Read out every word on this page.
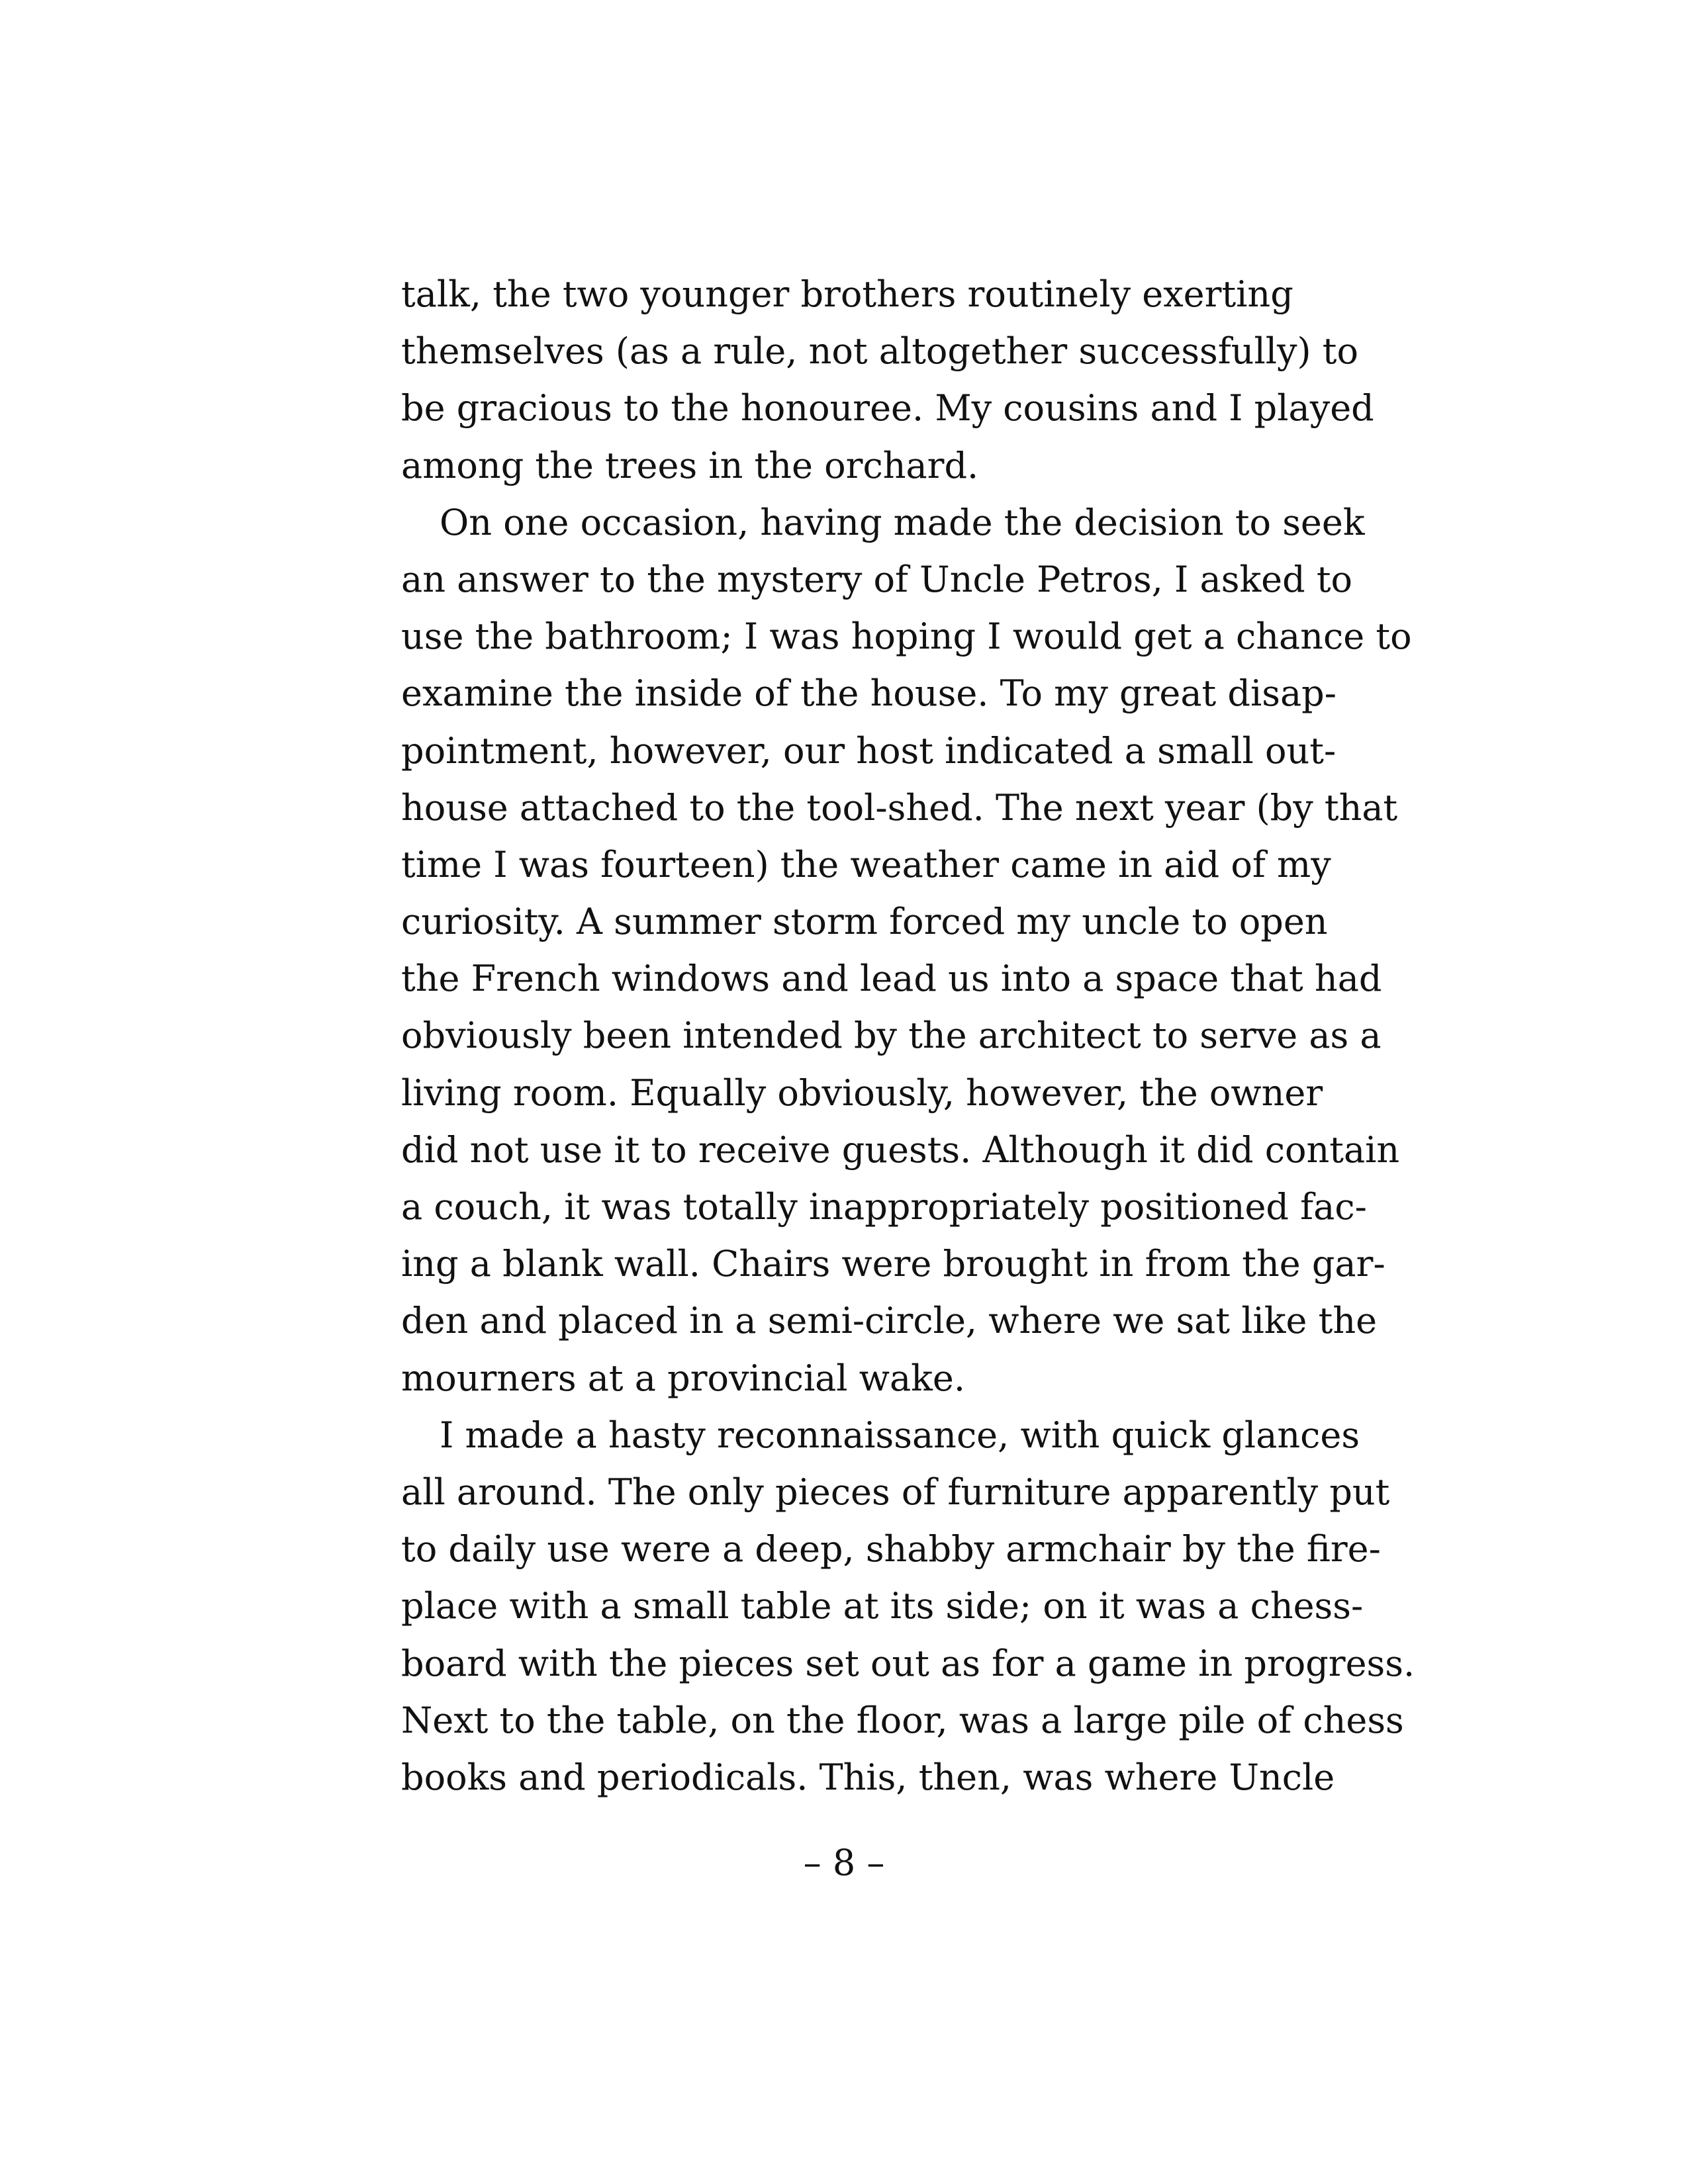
talk, the two younger brothers routinely exerting
themselves (as a rule, not altogether successfully) to
be gracious to the honouree. My cousins and I played
among the trees in the orchard.
On one occasion, having made the decision to seek
an answer to the mystery of Uncle Petros, I asked to
use the bathroom; I was hoping I would get a chance to
examine the inside of the house. To my great disap-
pointment, however, our host indicated a small out-
house attached to the tool-shed. The next year (by that
time I was fourteen) the weather came in aid of my
curiosity. A summer storm forced my uncle to open
the French windows and lead us into a space that had
obviously been intended by the architect to serve as a
living room. Equally obviously, however, the owner
did not use it to receive guests. Although it did contain
a couch, it was totally inappropriately positioned fac-
ing a blank wall. Chairs were brought in from the gar-
den and placed in a semi-circle, where we sat like the
mourners at a provincial wake.
I made a hasty reconnaissance, with quick glances
all around. The only pieces of furniture apparently put
to daily use were a deep, shabby armchair by the fire-
place with a small table at its side; on it was a chess-
board with the pieces set out as for a game in progress.
Next to the table, on the floor, was a large pile of chess
books and periodicals. This, then, was where Uncle
– 8 –
